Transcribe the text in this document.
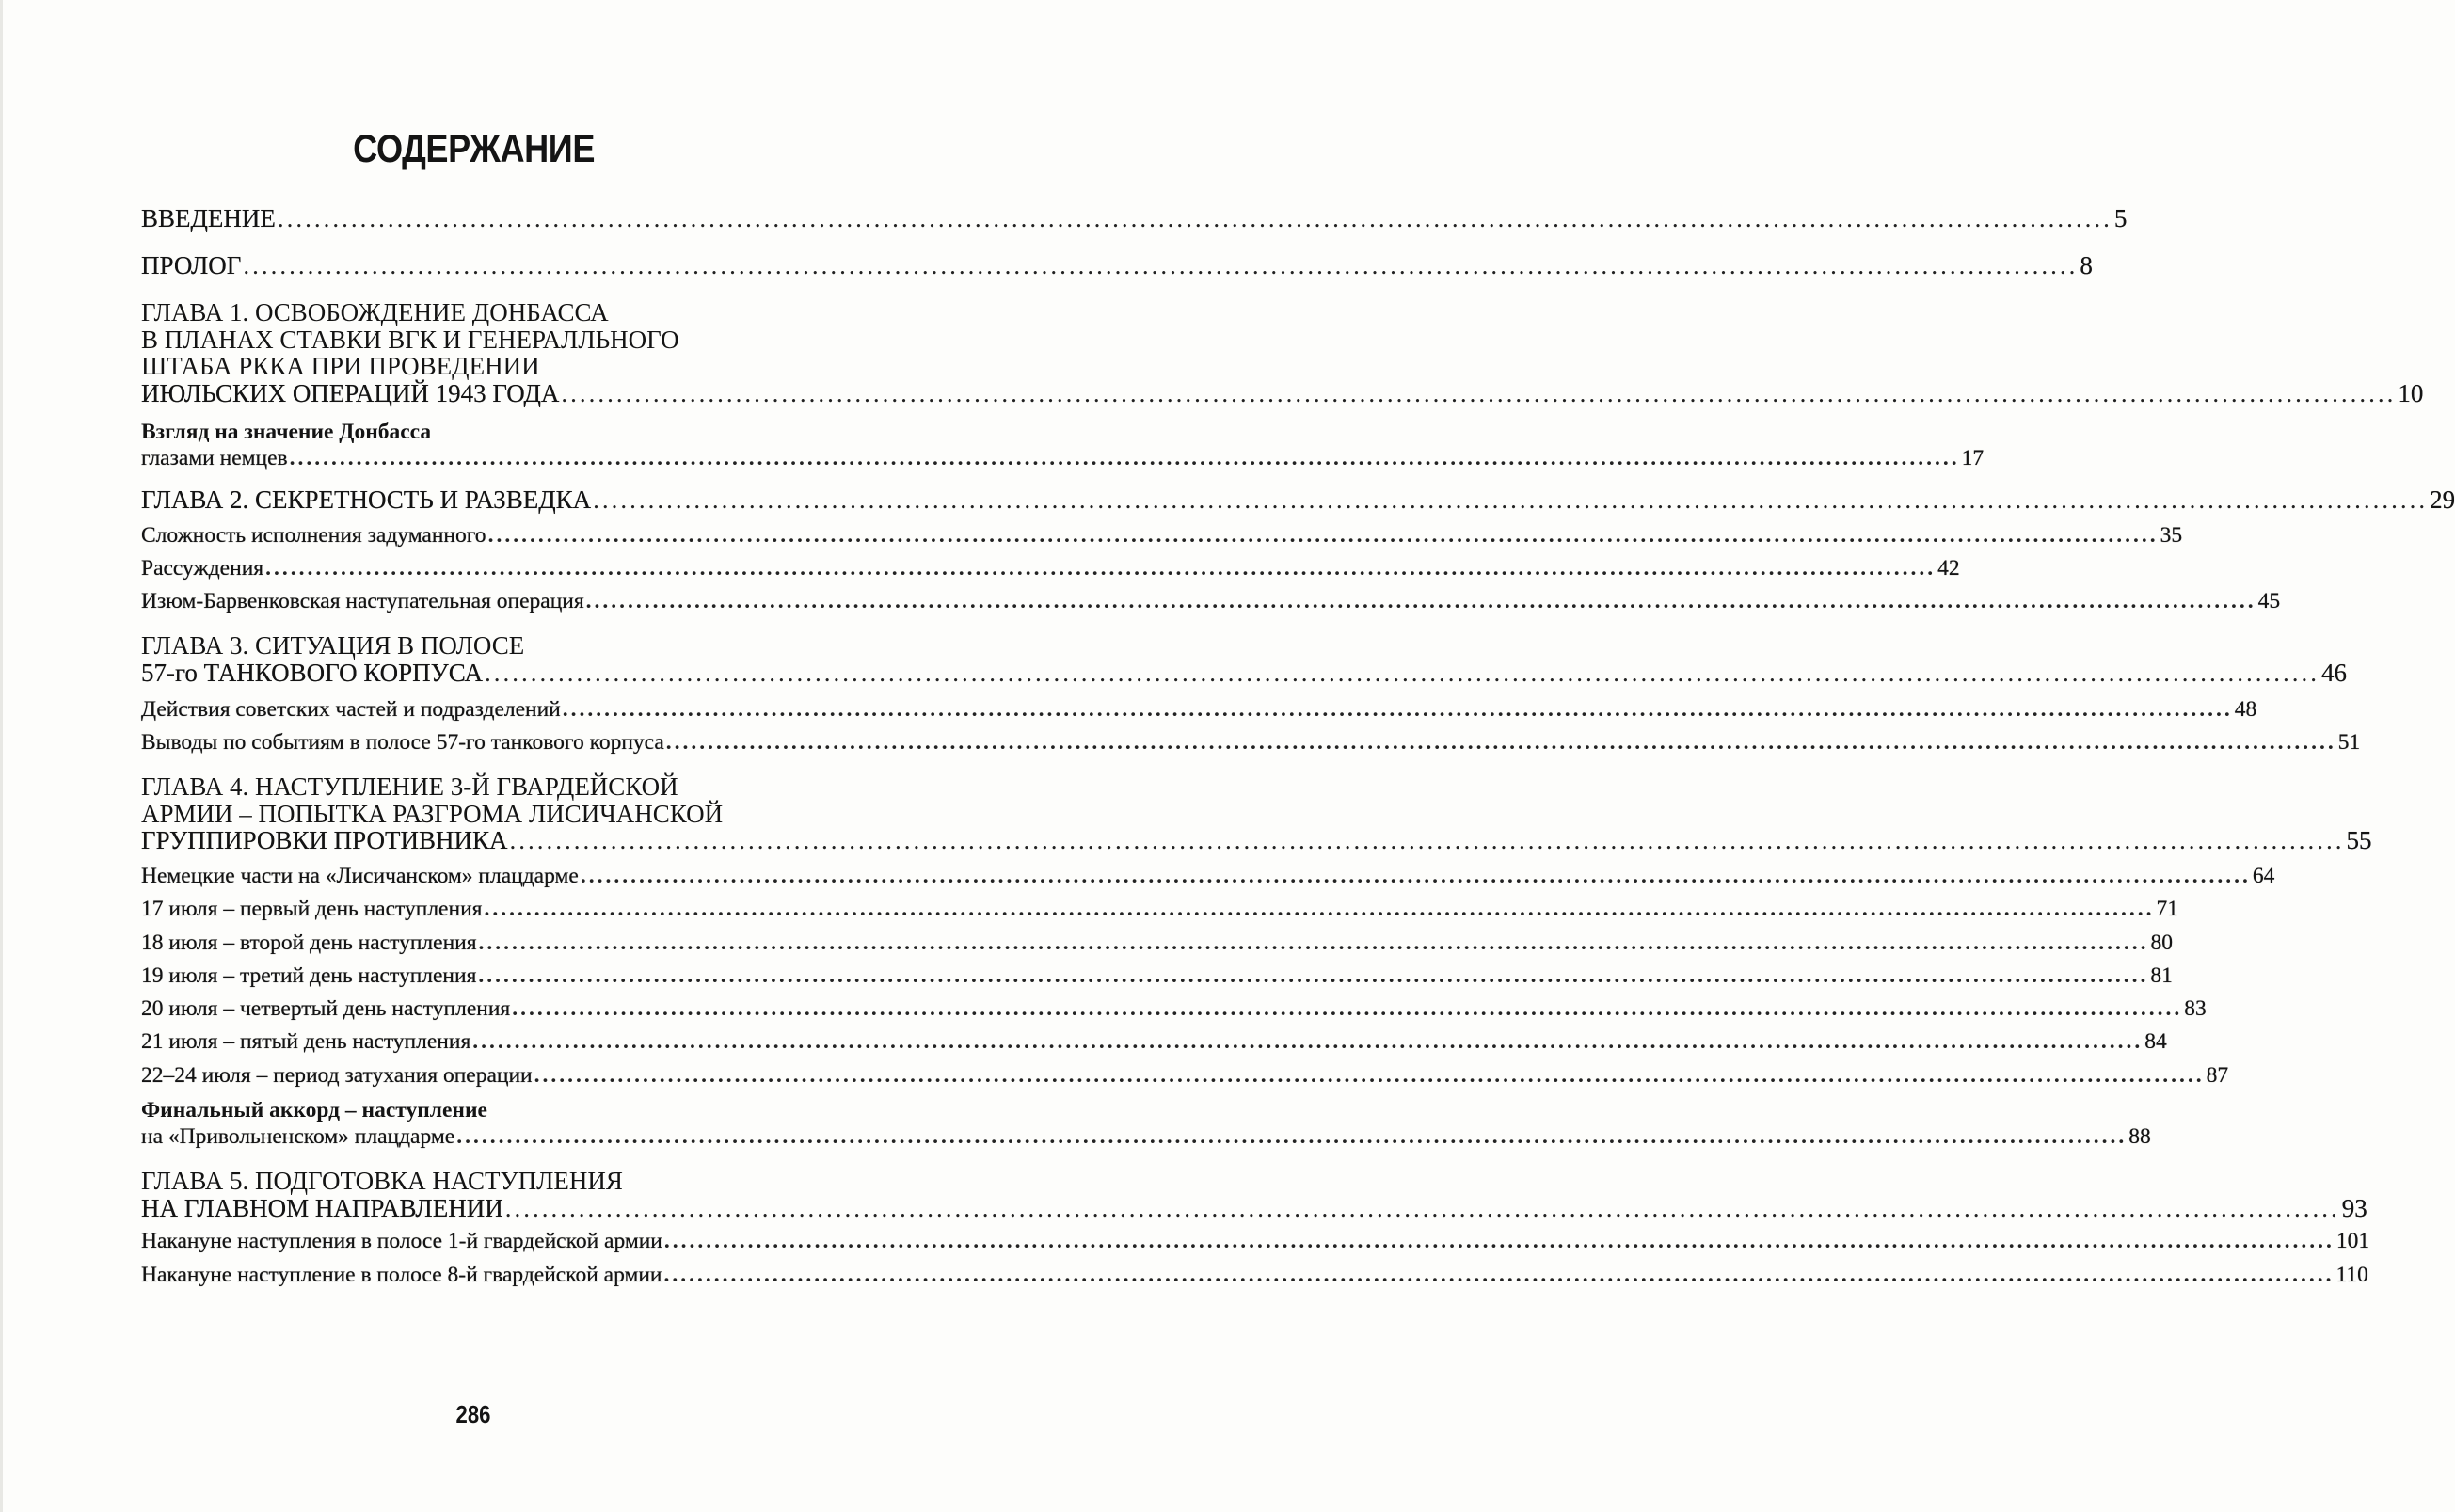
СОДЕРЖАНИЕ
ВВЕДЕНИЕ ........................................................................................................................................................................................................ 5
ПРОЛОГ ........................................................................................................................................................................................................ 8
ГЛАВА 1. ОСВОБОЖДЕНИЕ ДОНБАССА
В ПЛАНАХ СТАВКИ ВГК И ГЕНЕРАЛЛЬНОГО
ШТАБА РККА ПРИ ПРОВЕДЕНИИ
ИЮЛЬСКИХ ОПЕРАЦИЙ 1943 ГОДА ........................................................................................................................................................................................................ 10
Взгляд на значение Донбасса
глазами немцев ........................................................................................................................................................................................................ 17
ГЛАВА 2. СЕКРЕТНОСТЬ И РАЗВЕДКА ........................................................................................................................................................................................................ 29
Сложность исполнения задуманного ........................................................................................................................................................................................................ 35
Рассуждения ........................................................................................................................................................................................................ 42
Изюм-Барвенковская наступательная операция ........................................................................................................................................................................................................ 45
ГЛАВА 3. СИТУАЦИЯ В ПОЛОСЕ
57-го ТАНКОВОГО КОРПУСА ........................................................................................................................................................................................................ 46
Действия советских частей и подразделений ........................................................................................................................................................................................................ 48
Выводы по событиям в полосе 57-го танкового корпуса ........................................................................................................................................................................................................ 51
ГЛАВА 4. НАСТУПЛЕНИЕ 3-Й ГВАРДЕЙСКОЙ
АРМИИ – ПОПЫТКА РАЗГРОМА ЛИСИЧАНСКОЙ
ГРУППИРОВКИ ПРОТИВНИКА ........................................................................................................................................................................................................ 55
Немецкие части на «Лисичанском» плацдарме ........................................................................................................................................................................................................ 64
17 июля – первый день наступления ........................................................................................................................................................................................................ 71
18 июля – второй день наступления ........................................................................................................................................................................................................ 80
19 июля – третий день наступления ........................................................................................................................................................................................................ 81
20 июля – четвертый день наступления ........................................................................................................................................................................................................ 83
21 июля – пятый день наступления ........................................................................................................................................................................................................ 84
22–24 июля – период затухания операции ........................................................................................................................................................................................................ 87
Финальный аккорд – наступление
на «Привольненском» плацдарме ........................................................................................................................................................................................................ 88
ГЛАВА 5. ПОДГОТОВКА НАСТУПЛЕНИЯ
НА ГЛАВНОМ НАПРАВЛЕНИИ ........................................................................................................................................................................................................ 93
Накануне наступления в полосе 1-й гвардейской армии ........................................................................................................................................................................................................ 101
Накануне наступление в полосе 8-й гвардейской армии ........................................................................................................................................................................................................ 110
286
